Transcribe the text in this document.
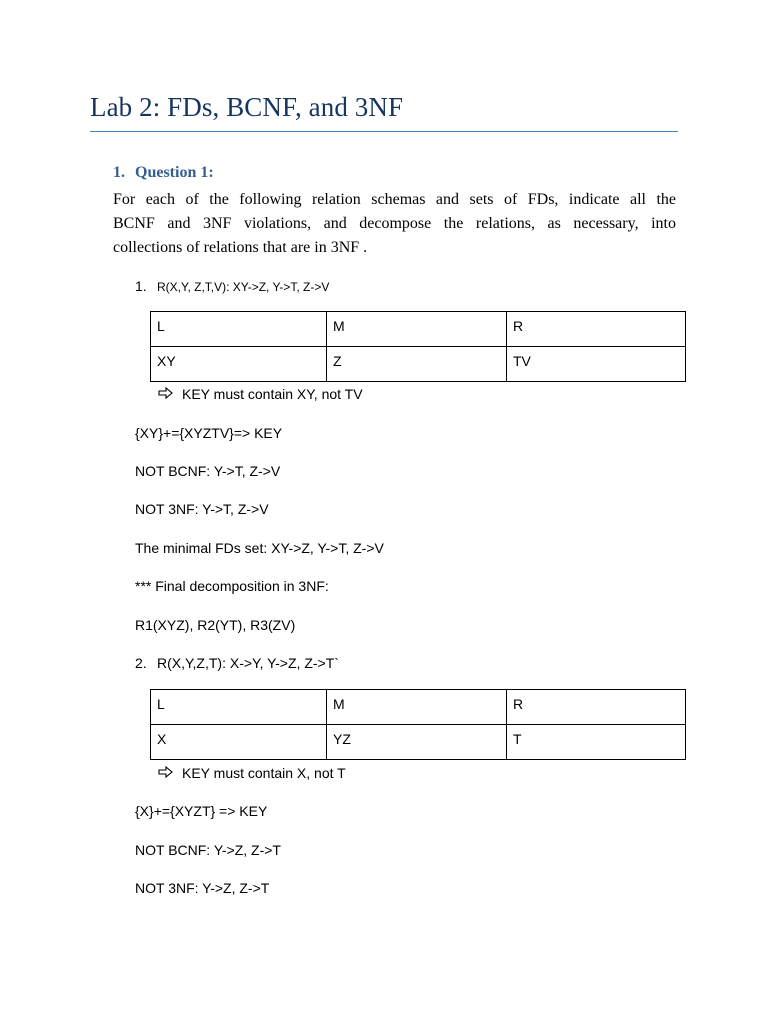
Lab 2: FDs, BCNF, and 3NF
1. Question 1:
For each of the following relation schemas and sets of FDs, indicate all the
BCNF and 3NF violations, and decompose the relations, as necessary, into
collections of relations that are in 3NF .
1. R(X,Y, Z,T,V): XY->Z, Y->T, Z->V
L	M	R
XY	Z	TV
KEY must contain XY, not TV
{XY}+={XYZTV}=> KEY
NOT BCNF: Y->T, Z->V
NOT 3NF: Y->T, Z->V
The minimal FDs set: XY->Z, Y->T, Z->V
*** Final decomposition in 3NF:
R1(XYZ), R2(YT), R3(ZV)
2. R(X,Y,Z,T): X->Y, Y->Z, Z->T`
L	M	R
X	YZ	T
KEY must contain X, not T
{X}+={XYZT} => KEY
NOT BCNF: Y->Z, Z->T
NOT 3NF: Y->Z, Z->T
